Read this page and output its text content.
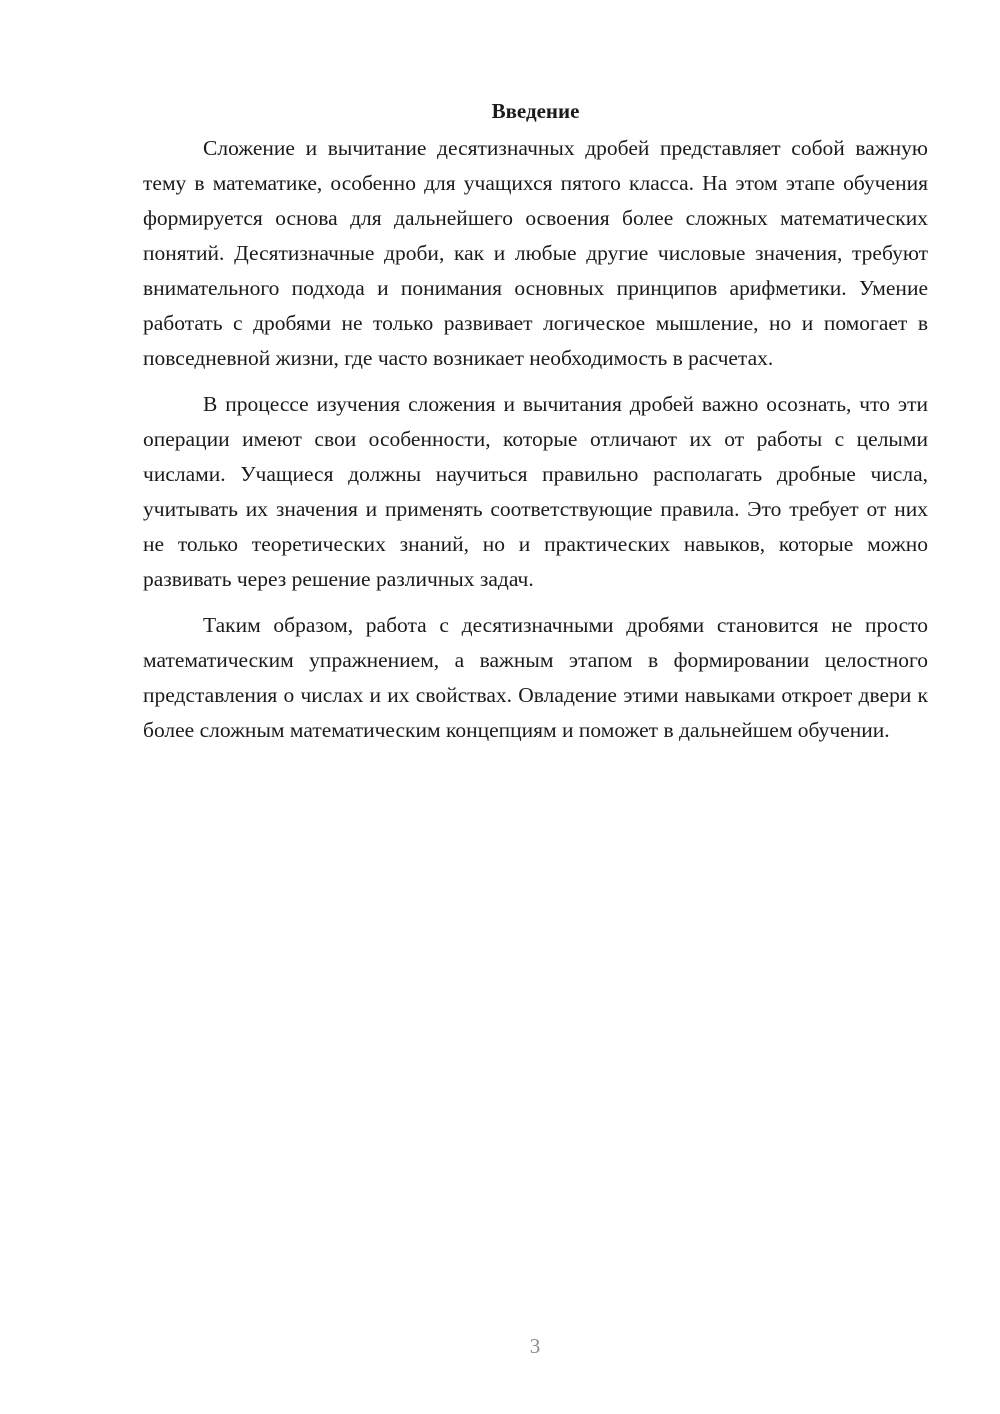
Введение

Сложение и вычитание десятизначных дробей представляет собой важную тему в математике, особенно для учащихся пятого класса. На этом этапе обучения формируется основа для дальнейшего освоения более сложных математических понятий. Десятизначные дроби, как и любые другие числовые значения, требуют внимательного подхода и понимания основных принципов арифметики. Умение работать с дробями не только развивает логическое мышление, но и помогает в повседневной жизни, где часто возникает необходимость в расчетах.

В процессе изучения сложения и вычитания дробей важно осознать, что эти операции имеют свои особенности, которые отличают их от работы с целыми числами. Учащиеся должны научиться правильно располагать дробные числа, учитывать их значения и применять соответствующие правила. Это требует от них не только теоретических знаний, но и практических навыков, которые можно развивать через решение различных задач.

Таким образом, работа с десятизначными дробями становится не просто математическим упражнением, а важным этапом в формировании целостного представления о числах и их свойствах. Овладение этими навыками откроет двери к более сложным математическим концепциям и поможет в дальнейшем обучении.

3
